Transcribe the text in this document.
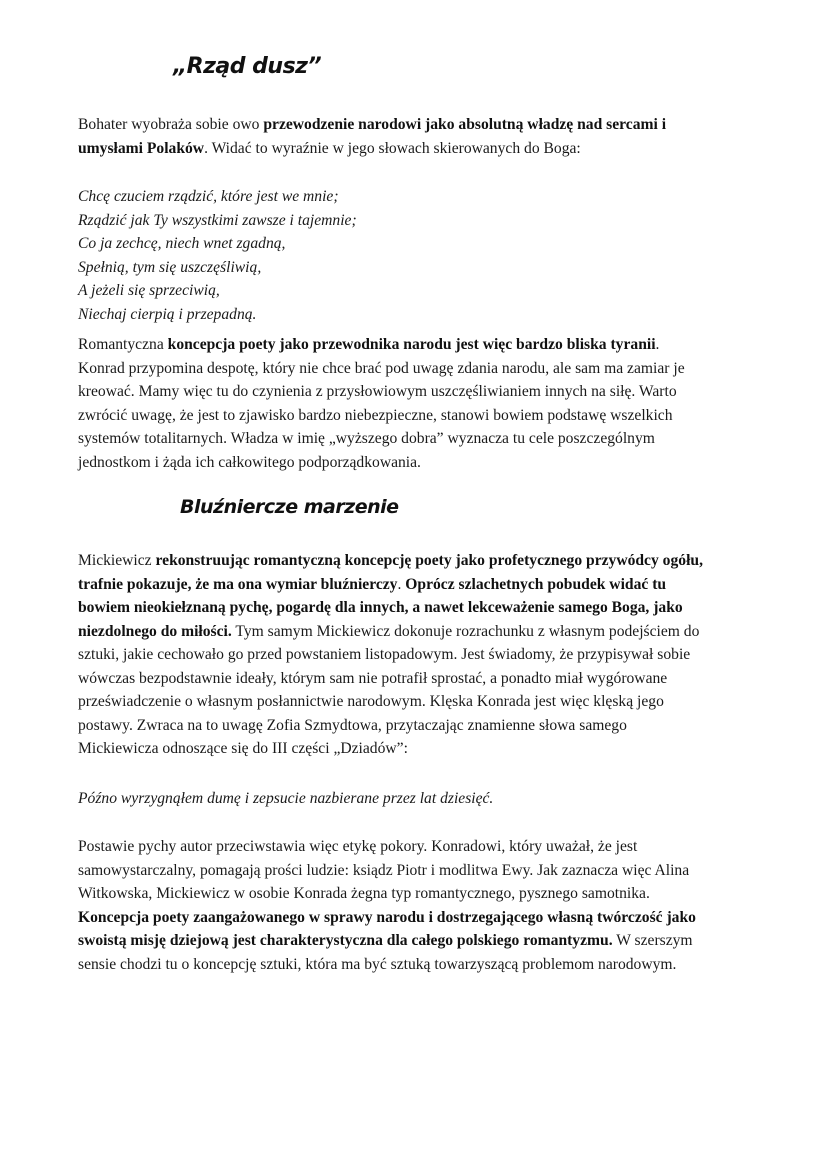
„Rząd dusz”

Bohater wyobraża sobie owo przewodzenie narodowi jako absolutną władzę nad sercami i
umysłami Polaków. Widać to wyraźnie w jego słowach skierowanych do Boga:

Chcę czuciem rządzić, które jest we mnie;
Rządzić jak Ty wszystkimi zawsze i tajemnie;
Co ja zechcę, niech wnet zgadną,
Spełnią, tym się uszczęśliwią,
A jeżeli się sprzeciwią,
Niechaj cierpią i przepadną.

Romantyczna koncepcja poety jako przewodnika narodu jest więc bardzo bliska tyranii.
Konrad przypomina despotę, który nie chce brać pod uwagę zdania narodu, ale sam ma zamiar je
kreować. Mamy więc tu do czynienia z przysłowiowym uszczęśliwianiem innych na siłę. Warto
zwrócić uwagę, że jest to zjawisko bardzo niebezpieczne, stanowi bowiem podstawę wszelkich
systemów totalitarnych. Władza w imię „wyższego dobra” wyznacza tu cele poszczególnym
jednostkom i żąda ich całkowitego podporządkowania.

Bluźniercze marzenie

Mickiewicz rekonstruując romantyczną koncepcję poety jako profetycznego przywódcy ogółu,
trafnie pokazuje, że ma ona wymiar bluźnierczy. Oprócz szlachetnych pobudek widać tu
bowiem nieokiełznaną pychę, pogardę dla innych, a nawet lekceważenie samego Boga, jako
niezdolnego do miłości. Tym samym Mickiewicz dokonuje rozrachunku z własnym podejściem do
sztuki, jakie cechowało go przed powstaniem listopadowym. Jest świadomy, że przypisywał sobie
wówczas bezpodstawnie ideały, którym sam nie potrafił sprostać, a ponadto miał wygórowane
przeświadczenie o własnym posłannictwie narodowym. Klęska Konrada jest więc klęską jego
postawy. Zwraca na to uwagę Zofia Szmydtowa, przytaczając znamienne słowa samego
Mickiewicza odnoszące się do III części „Dziadów”:

Późno wyrzygnąłem dumę i zepsucie nazbierane przez lat dziesięć.

Postawie pychy autor przeciwstawia więc etykę pokory. Konradowi, który uważał, że jest
samowystarczalny, pomagają prości ludzie: ksiądz Piotr i modlitwa Ewy. Jak zaznacza więc Alina
Witkowska, Mickiewicz w osobie Konrada żegna typ romantycznego, pysznego samotnika.
Koncepcja poety zaangażowanego w sprawy narodu i dostrzegającego własną twórczość jako
swoistą misję dziejową jest charakterystyczna dla całego polskiego romantyzmu. W szerszym
sensie chodzi tu o koncepcję sztuki, która ma być sztuką towarzyszącą problemom narodowym.
